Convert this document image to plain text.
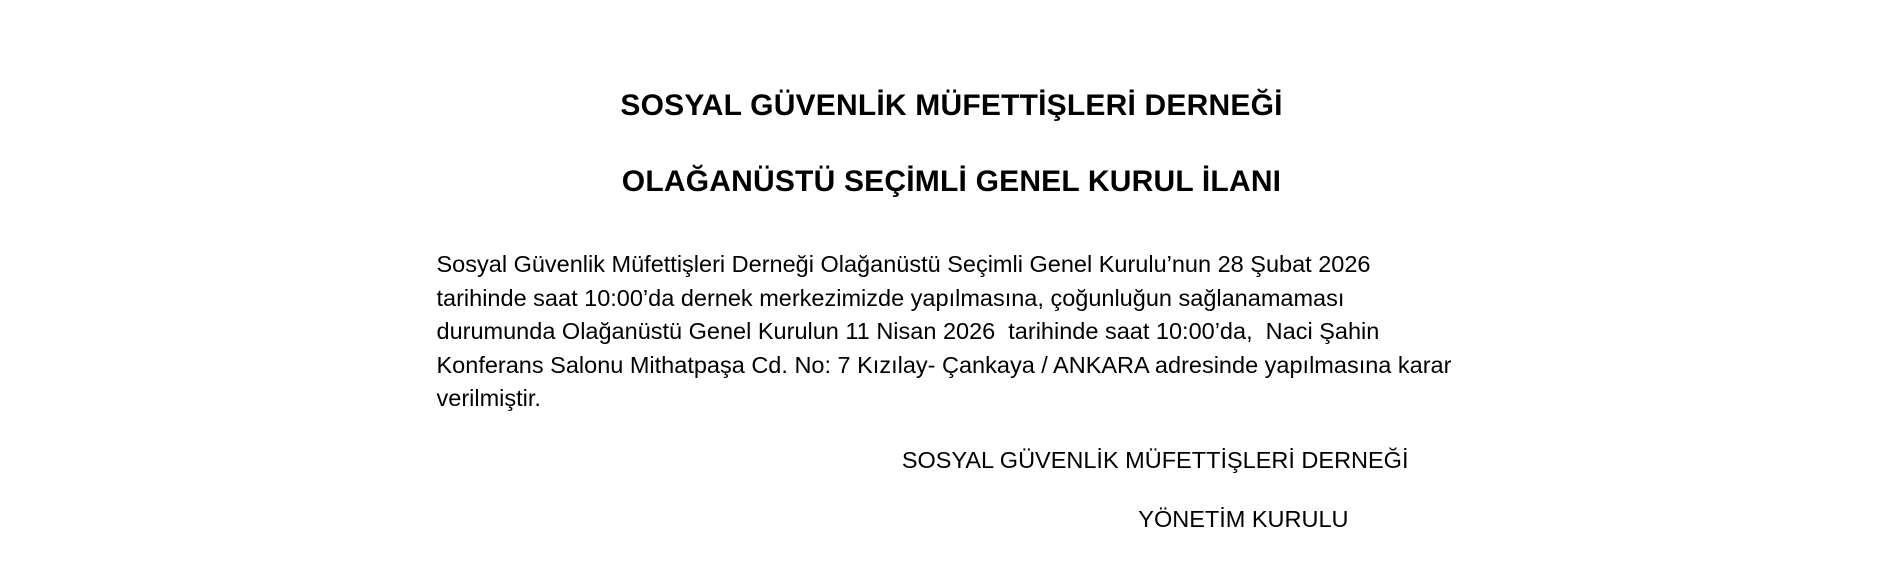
SOSYAL GÜVENLİK MÜFETTİŞLERİ DERNEĞİ
OLAĞANÜSTÜ SEÇİMLİ GENEL KURUL İLANI

Sosyal Güvenlik Müfettişleri Derneği Olağanüstü Seçimli Genel Kurulu’nun 28 Şubat 2026 tarihinde saat 10:00’da dernek merkezimizde yapılmasına, çoğunluğun sağlanamaması durumunda Olağanüstü Genel Kurulun 11 Nisan 2026  tarihinde saat 10:00’da,  Naci Şahin Konferans Salonu Mithatpaşa Cd. No: 7 Kızılay- Çankaya / ANKARA adresinde yapılmasına karar verilmiştir.

SOSYAL GÜVENLİK MÜFETTİŞLERİ DERNEĞİ

YÖNETİM KURULU
